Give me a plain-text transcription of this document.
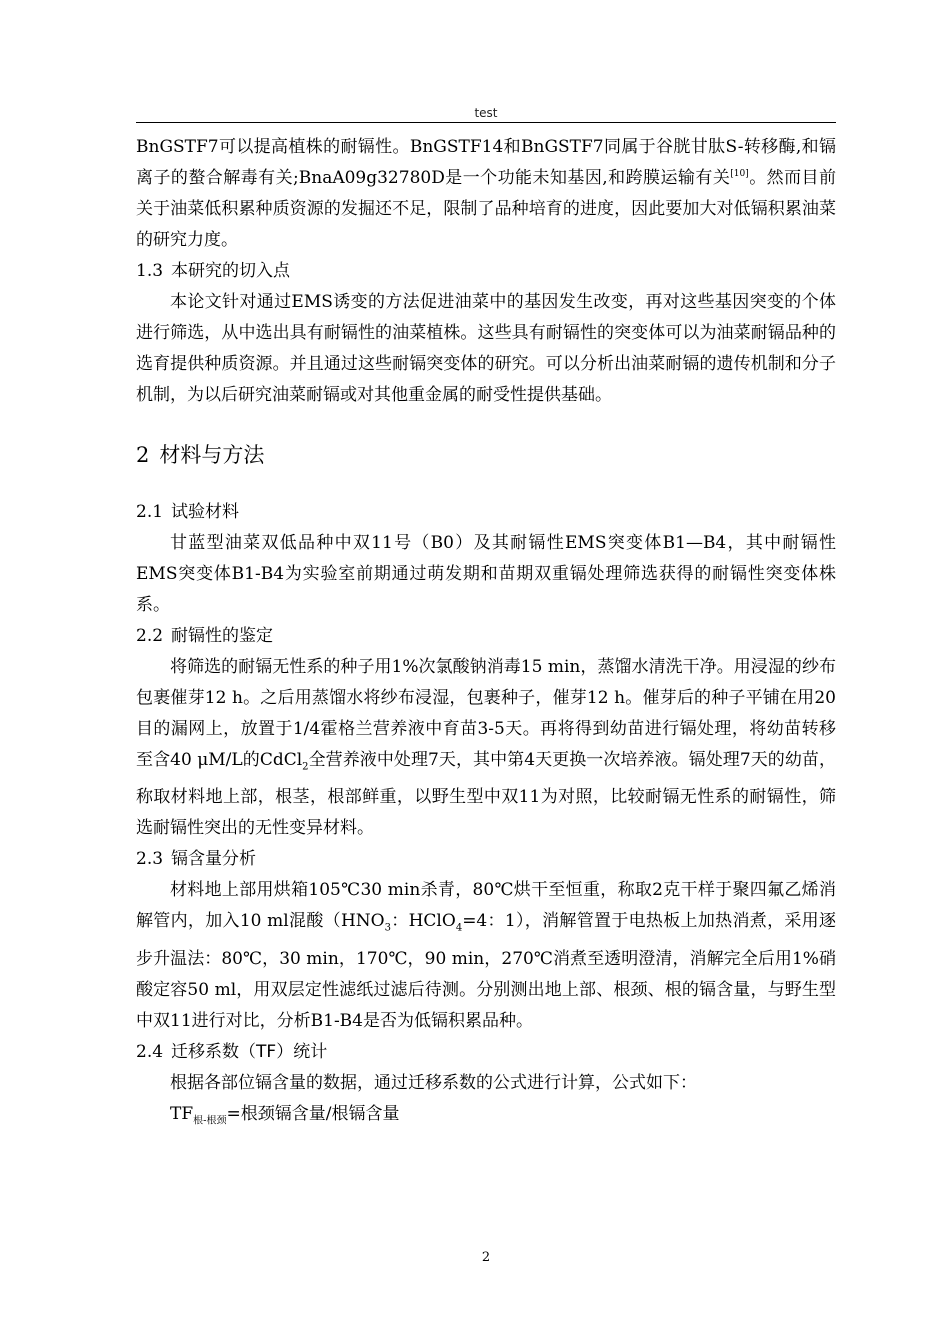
test

BnGSTF7可以提高植株的耐镉性。BnGSTF14和BnGSTF7同属于谷胱甘肽S-转移酶,和镉离子的螯合解毒有关;BnaA09g32780D是一个功能未知基因,和跨膜运输有关[10]。然而目前关于油菜低积累种质资源的发掘还不足，限制了品种培育的进度，因此要加大对低镉积累油菜的研究力度。

1.3 本研究的切入点

本论文针对通过EMS诱变的方法促进油菜中的基因发生改变，再对这些基因突变的个体进行筛选，从中选出具有耐镉性的油菜植株。这些具有耐镉性的突变体可以为油菜耐镉品种的选育提供种质资源。并且通过这些耐镉突变体的研究。可以分析出油菜耐镉的遗传机制和分子机制，为以后研究油菜耐镉或对其他重金属的耐受性提供基础。

2 材料与方法
2.1 试验材料

甘蓝型油菜双低品种中双11号（B0）及其耐镉性EMS突变体B1—B4，其中耐镉性EMS突变体B1-B4为实验室前期通过萌发期和苗期双重镉处理筛选获得的耐镉性突变体株系。

2.2 耐镉性的鉴定

将筛选的耐镉无性系的种子用1%次氯酸钠消毒15 min，蒸馏水清洗干净。用浸湿的纱布包裹催芽12 h。之后用蒸馏水将纱布浸湿，包裹种子，催芽12 h。催芽后的种子平铺在用20目的漏网上，放置于1/4霍格兰营养液中育苗3-5天。再将得到幼苗进行镉处理，将幼苗转移至含40 μM/L的CdCl$_2$全营养液中处理7天，其中第4天更换一次培养液。镉处理7天的幼苗，称取材料地上部，根茎，根部鲜重，以野生型中双11为对照，比较耐镉无性系的耐镉性，筛选耐镉性突出的无性变异材料。

2.3 镉含量分析

材料地上部用烘箱105℃30 min杀青，80℃烘干至恒重，称取2克干样于聚四氟乙烯消解管内，加入10 ml混酸（$HNO_3$：HClO$_4$=4：1），消解管置于电热板上加热消煮，采用逐步升温法：80℃，30 min，170℃，90 min，270℃消煮至透明澄清，消解完全后用1%硝酸定容50 ml，用双层定性滤纸过滤后待测。分别测出地上部、根颈、根的镉含量，与野生型中双11进行对比，分析B1-B4是否为低镉积累品种。

2.4 迁移系数（TF）统计

根据各部位镉含量的数据，通过迁移系数的公式进行计算，公式如下：

$TF_{根-根颈}=$根颈镉含量/根镉含量

2
